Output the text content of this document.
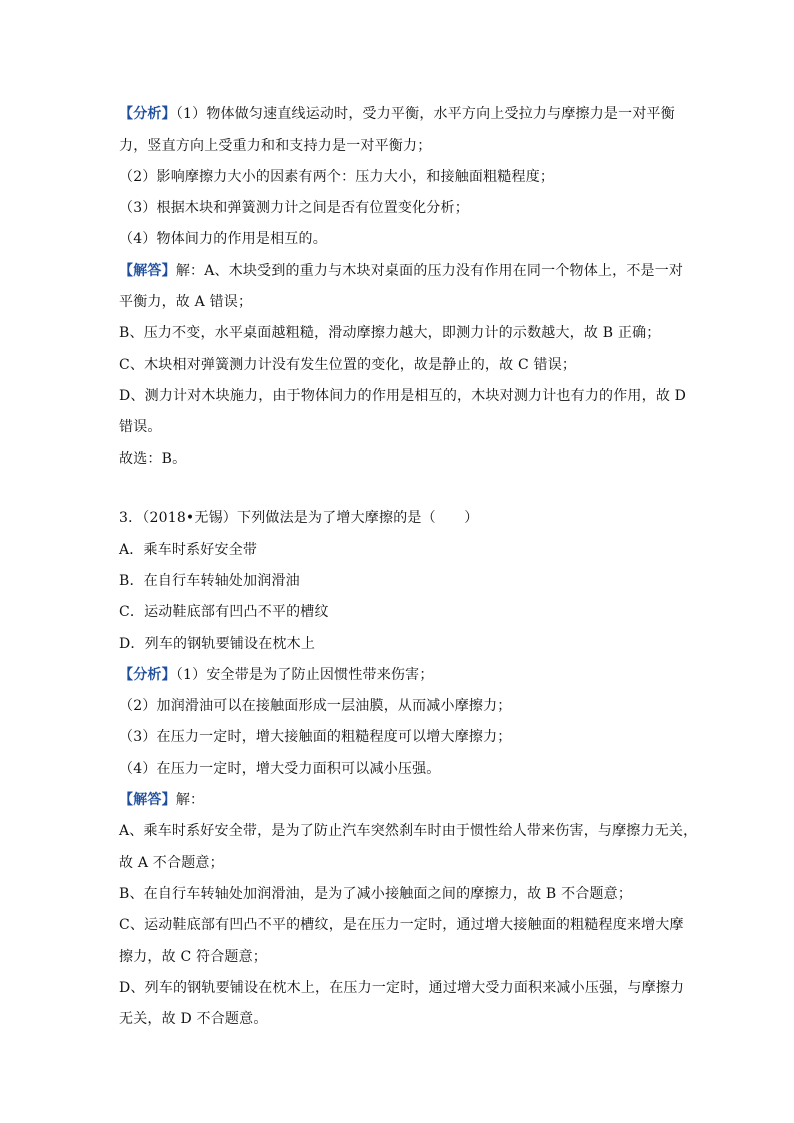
【分析】（1）物体做匀速直线运动时，受力平衡，水平方向上受拉力与摩擦力是一对平衡
力，竖直方向上受重力和和支持力是一对平衡力；
（2）影响摩擦力大小的因素有两个：压力大小，和接触面粗糙程度；
（3）根据木块和弹簧测力计之间是否有位置变化分析；
（4）物体间力的作用是相互的。
【解答】解：A、木块受到的重力与木块对桌面的压力没有作用在同一个物体上，不是一对
平衡力，故 A 错误；
B、压力不变，水平桌面越粗糙，滑动摩擦力越大，即测力计的示数越大，故 B 正确；
C、木块相对弹簧测力计没有发生位置的变化，故是静止的，故 C 错误；
D、测力计对木块施力，由于物体间力的作用是相互的，木块对测力计也有力的作用，故 D
错误。
故选：B。
3．（2018•无锡）下列做法是为了增大摩擦的是（　　）
A．乘车时系好安全带
B．在自行车转轴处加润滑油
C．运动鞋底部有凹凸不平的槽纹
D．列车的钢轨要铺设在枕木上
【分析】（1）安全带是为了防止因惯性带来伤害；
（2）加润滑油可以在接触面形成一层油膜，从而减小摩擦力；
（3）在压力一定时，增大接触面的粗糙程度可以增大摩擦力；
（4）在压力一定时，增大受力面积可以减小压强。
【解答】解：
A、乘车时系好安全带，是为了防止汽车突然刹车时由于惯性给人带来伤害，与摩擦力无关，
故 A 不合题意；
B、在自行车转轴处加润滑油，是为了减小接触面之间的摩擦力，故 B 不合题意；
C、运动鞋底部有凹凸不平的槽纹，是在压力一定时，通过增大接触面的粗糙程度来增大摩
擦力，故 C 符合题意；
D、列车的钢轨要铺设在枕木上，在压力一定时，通过增大受力面积来减小压强，与摩擦力
无关，故 D 不合题意。
